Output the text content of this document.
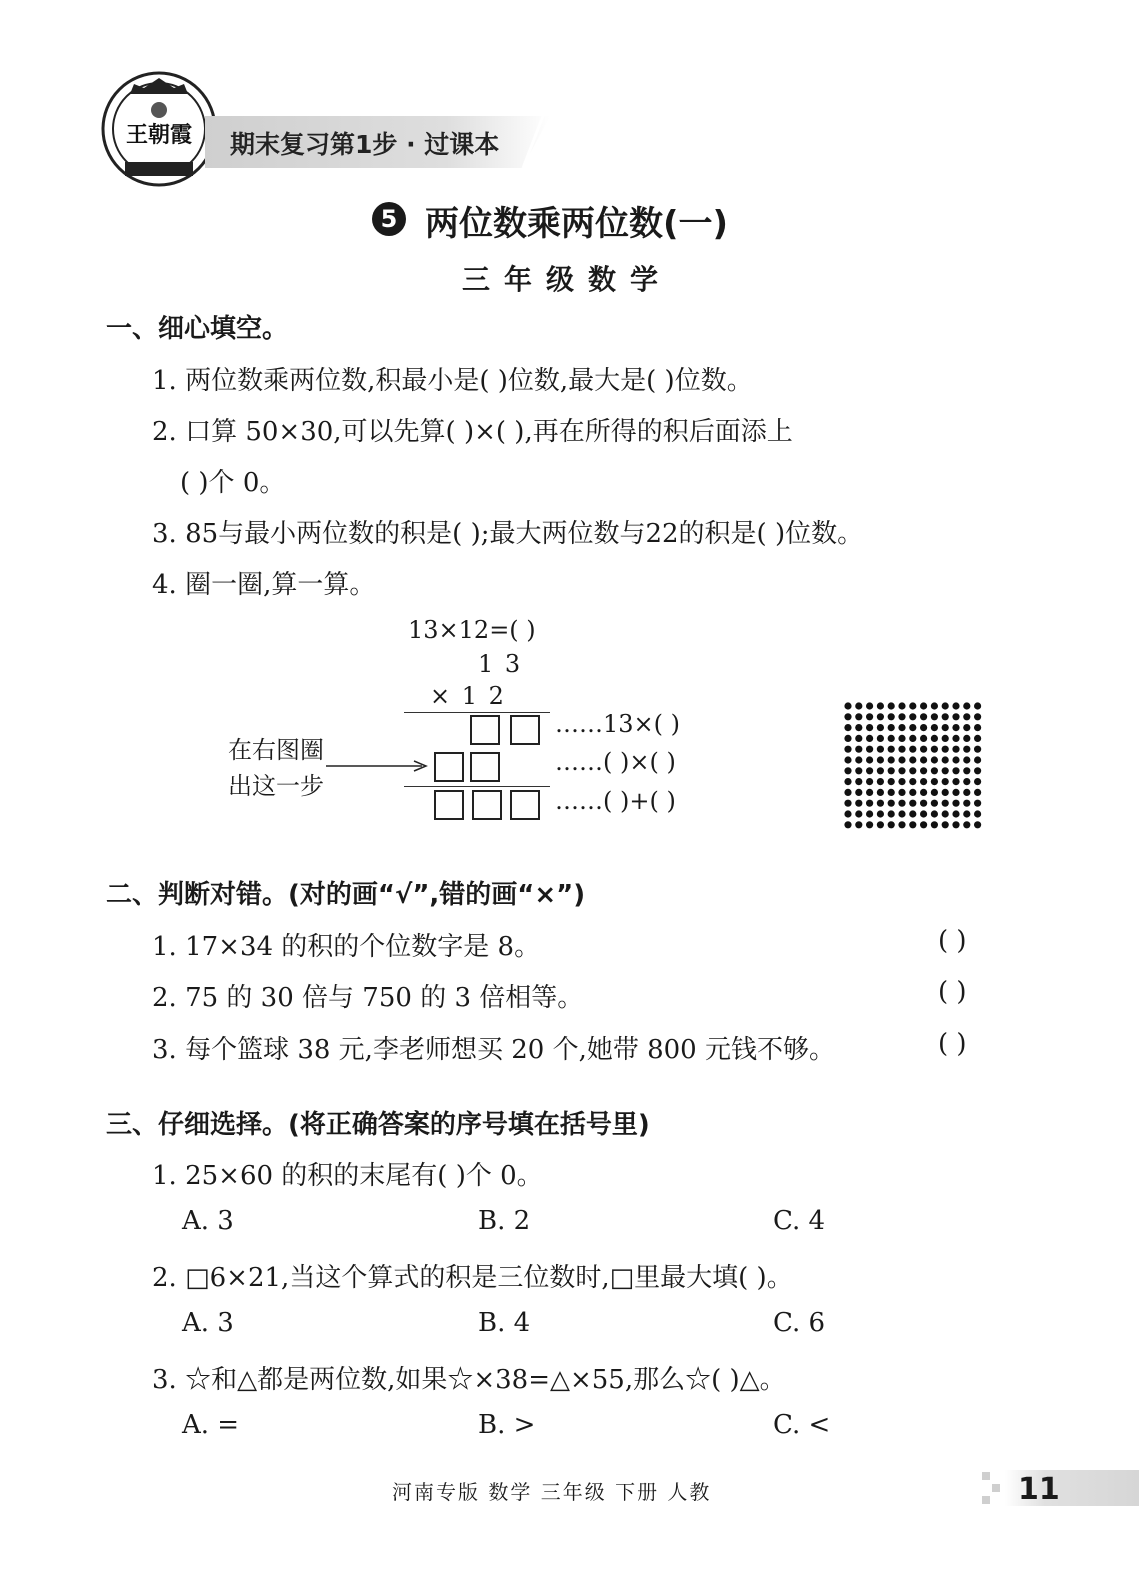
王朝霞 期末复习第1步 · 过课本
5 两位数乘两位数(一)
三年级数学
一、细心填空。
1. 两位数乘两位数,积最小是( )位数,最大是( )位数。
2. 口算 50×30,可以先算( )×( ),再在所得的积后面添上
( )个 0。
3. 85与最小两位数的积是( );最大两位数与22的积是( )位数。
4. 圈一圈,算一算。
13×12=( )
1 3
× 1 2
……13×( )
……( )×( )
……( )+( )
在右图圈
出这一步
二、判断对错。(对的画“√”,错的画“×”)
1. 17×34 的积的个位数字是 8。	( )
2. 75 的 30 倍与 750 的 3 倍相等。	( )
3. 每个篮球 38 元,李老师想买 20 个,她带 800 元钱不够。	( )
三、仔细选择。(将正确答案的序号填在括号里)
1. 25×60 的积的末尾有( )个 0。
A. 3	B. 2	C. 4
2. □6×21,当这个算式的积是三位数时,□里最大填( )。
A. 3	B. 4	C. 6
3. ☆和△都是两位数,如果☆×38=△×55,那么☆( )△。
A. =	B. >	C. <
河南专版 数学 三年级 下册 人教	11
